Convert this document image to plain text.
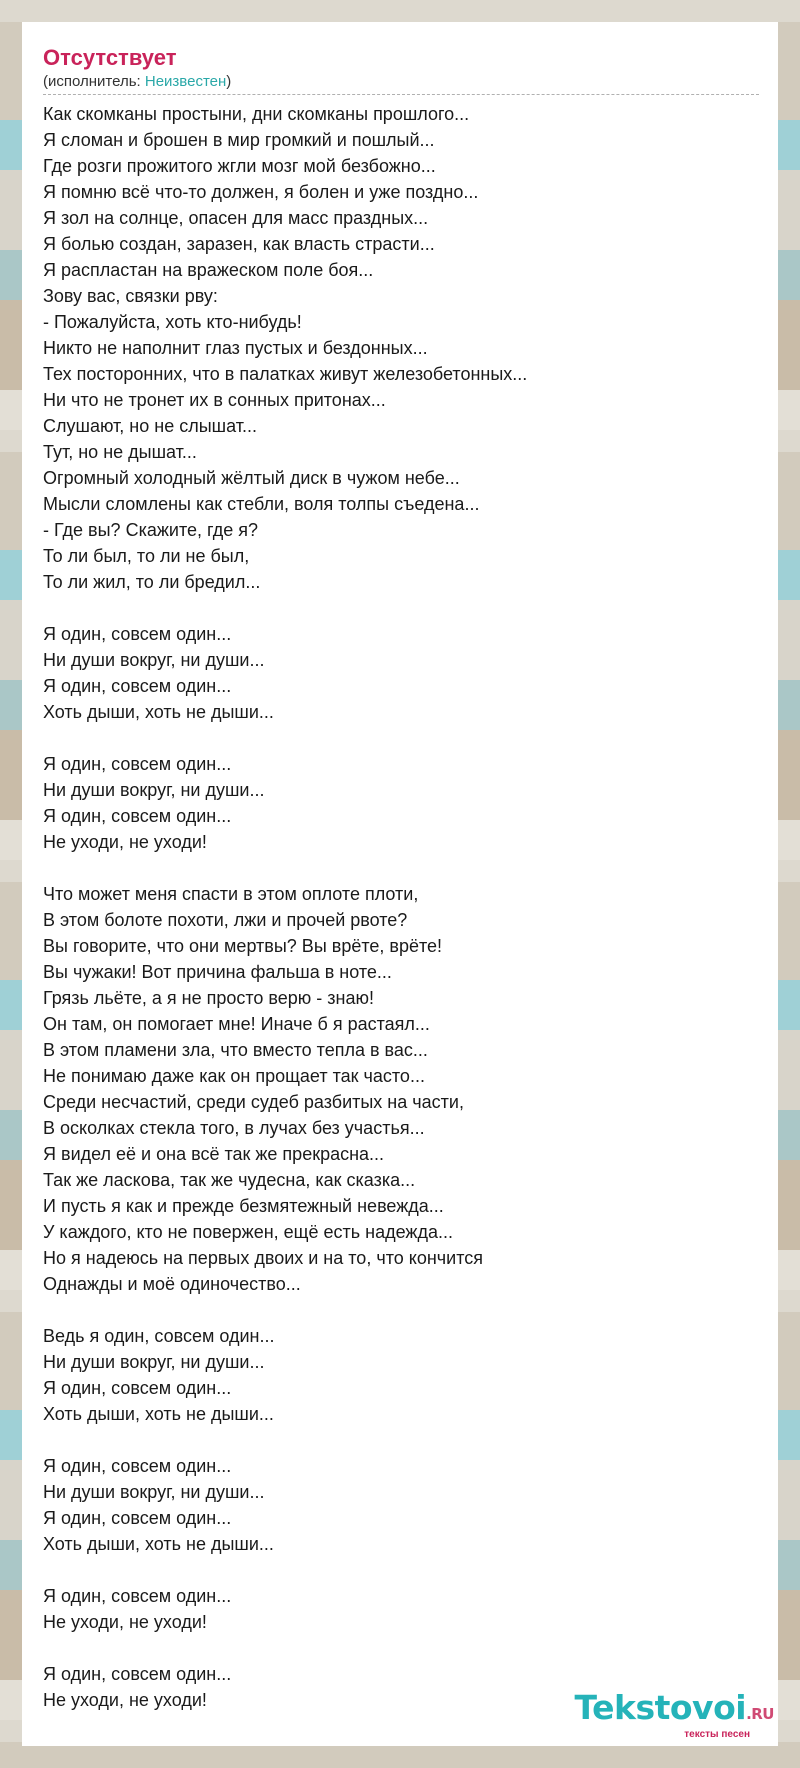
Отсутствует
(исполнитель: Неизвестен)
Как скомканы простыни, дни скомканы прошлого...
Я сломан и брошен в мир громкий и пошлый...
Где розги прожитого жгли мозг мой безбожно...
Я помню всё что-то должен, я болен и уже поздно...
Я зол на солнце, опасен для масс праздных...
Я болью создан, заразен, как власть страсти...
Я распластан на вражеском поле боя...
Зову вас, связки рву:
- Пожалуйста, хоть кто-нибудь!
Никто не наполнит глаз пустых и бездонных...
Тех посторонних, что в палатках живут железобетонных...
Ни что не тронет их в сонных притонах...
Слушают, но не слышат...
Тут, но не дышат...
Огромный холодный жёлтый диск в чужом небе...
Мысли сломлены как стебли, воля толпы съедена...
- Где вы? Скажите, где я?
То ли был, то ли не был,
То ли жил, то ли бредил...
Я один, совсем один...
Ни души вокруг, ни души...
Я один, совсем один...
Хоть дыши, хоть не дыши...
Я один, совсем один...
Ни души вокруг, ни души...
Я один, совсем один...
Не уходи, не уходи!
Что может меня спасти в этом оплоте плоти,
В этом болоте похоти, лжи и прочей рвоте?
Вы говорите, что они мертвы? Вы врёте, врёте!
Вы чужаки! Вот причина фальша в ноте...
Грязь льёте, а я не просто верю - знаю!
Он там, он помогает мне! Иначе б я растаял...
В этом пламени зла, что вместо тепла в вас...
Не понимаю даже как он прощает так часто...
Среди несчастий, среди судеб разбитых на части,
В осколках стекла того, в лучах без участья...
Я видел её и она всё так же прекрасна...
Так же ласкова, так же чудесна, как сказка...
И пусть я как и прежде безмятежный невежда...
У каждого, кто не повержен, ещё есть надежда...
Но я надеюсь на первых двоих и на то, что кончится
Однажды и моё одиночество...
Ведь я один, совсем один...
Ни души вокруг, ни души...
Я один, совсем один...
Хоть дыши, хоть не дыши...
Я один, совсем один...
Ни души вокруг, ни души...
Я один, совсем один...
Хоть дыши, хоть не дыши...
Я один, совсем один...
Не уходи, не уходи!
Я один, совсем один...
Не уходи, не уходи!	Tekstovoi.RU
тексты песен
